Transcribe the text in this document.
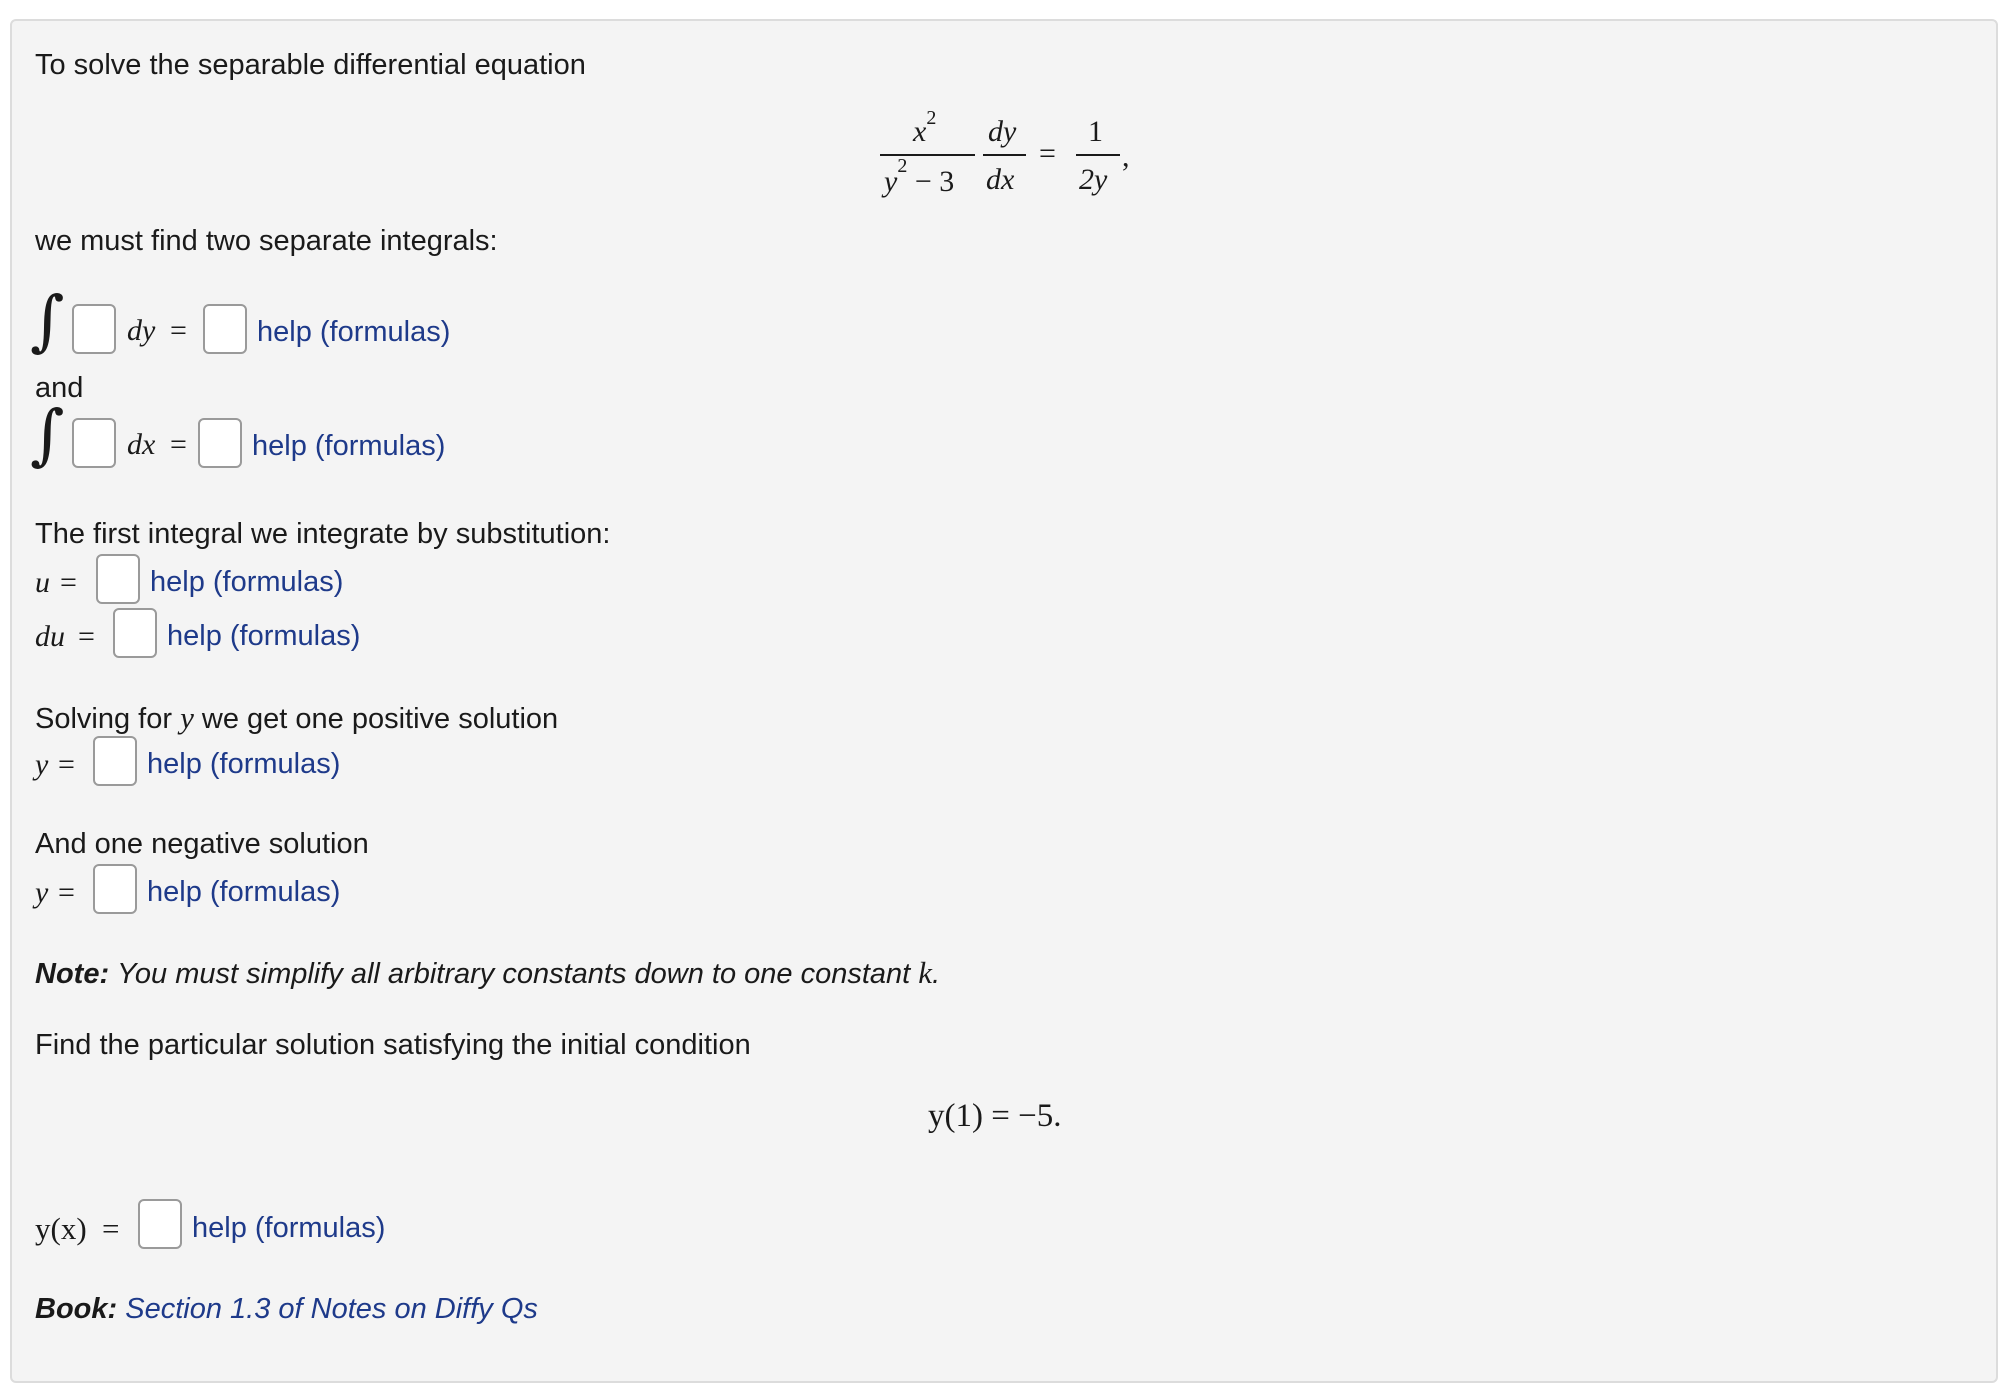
To solve the separable differential equation
$x^2$
$y^2 - 3$
dy
dx
=
1
2y
,
we must find two separate integrals:
∫ dy = help (formulas)
and
∫ dx = help (formulas)
The first integral we integrate by substitution:
u =	help (formulas)
du = help (formulas)
Solving for y we get one positive solution
y = help (formulas)
And one negative solution
y = help (formulas)
Note: You must simplify all arbitrary constants down to one constant k.
Find the particular solution satisfying the initial condition
y(1) = −5.
y(x) =	help (formulas)
Book: Section 1.3 of Notes on Diffy Qs
